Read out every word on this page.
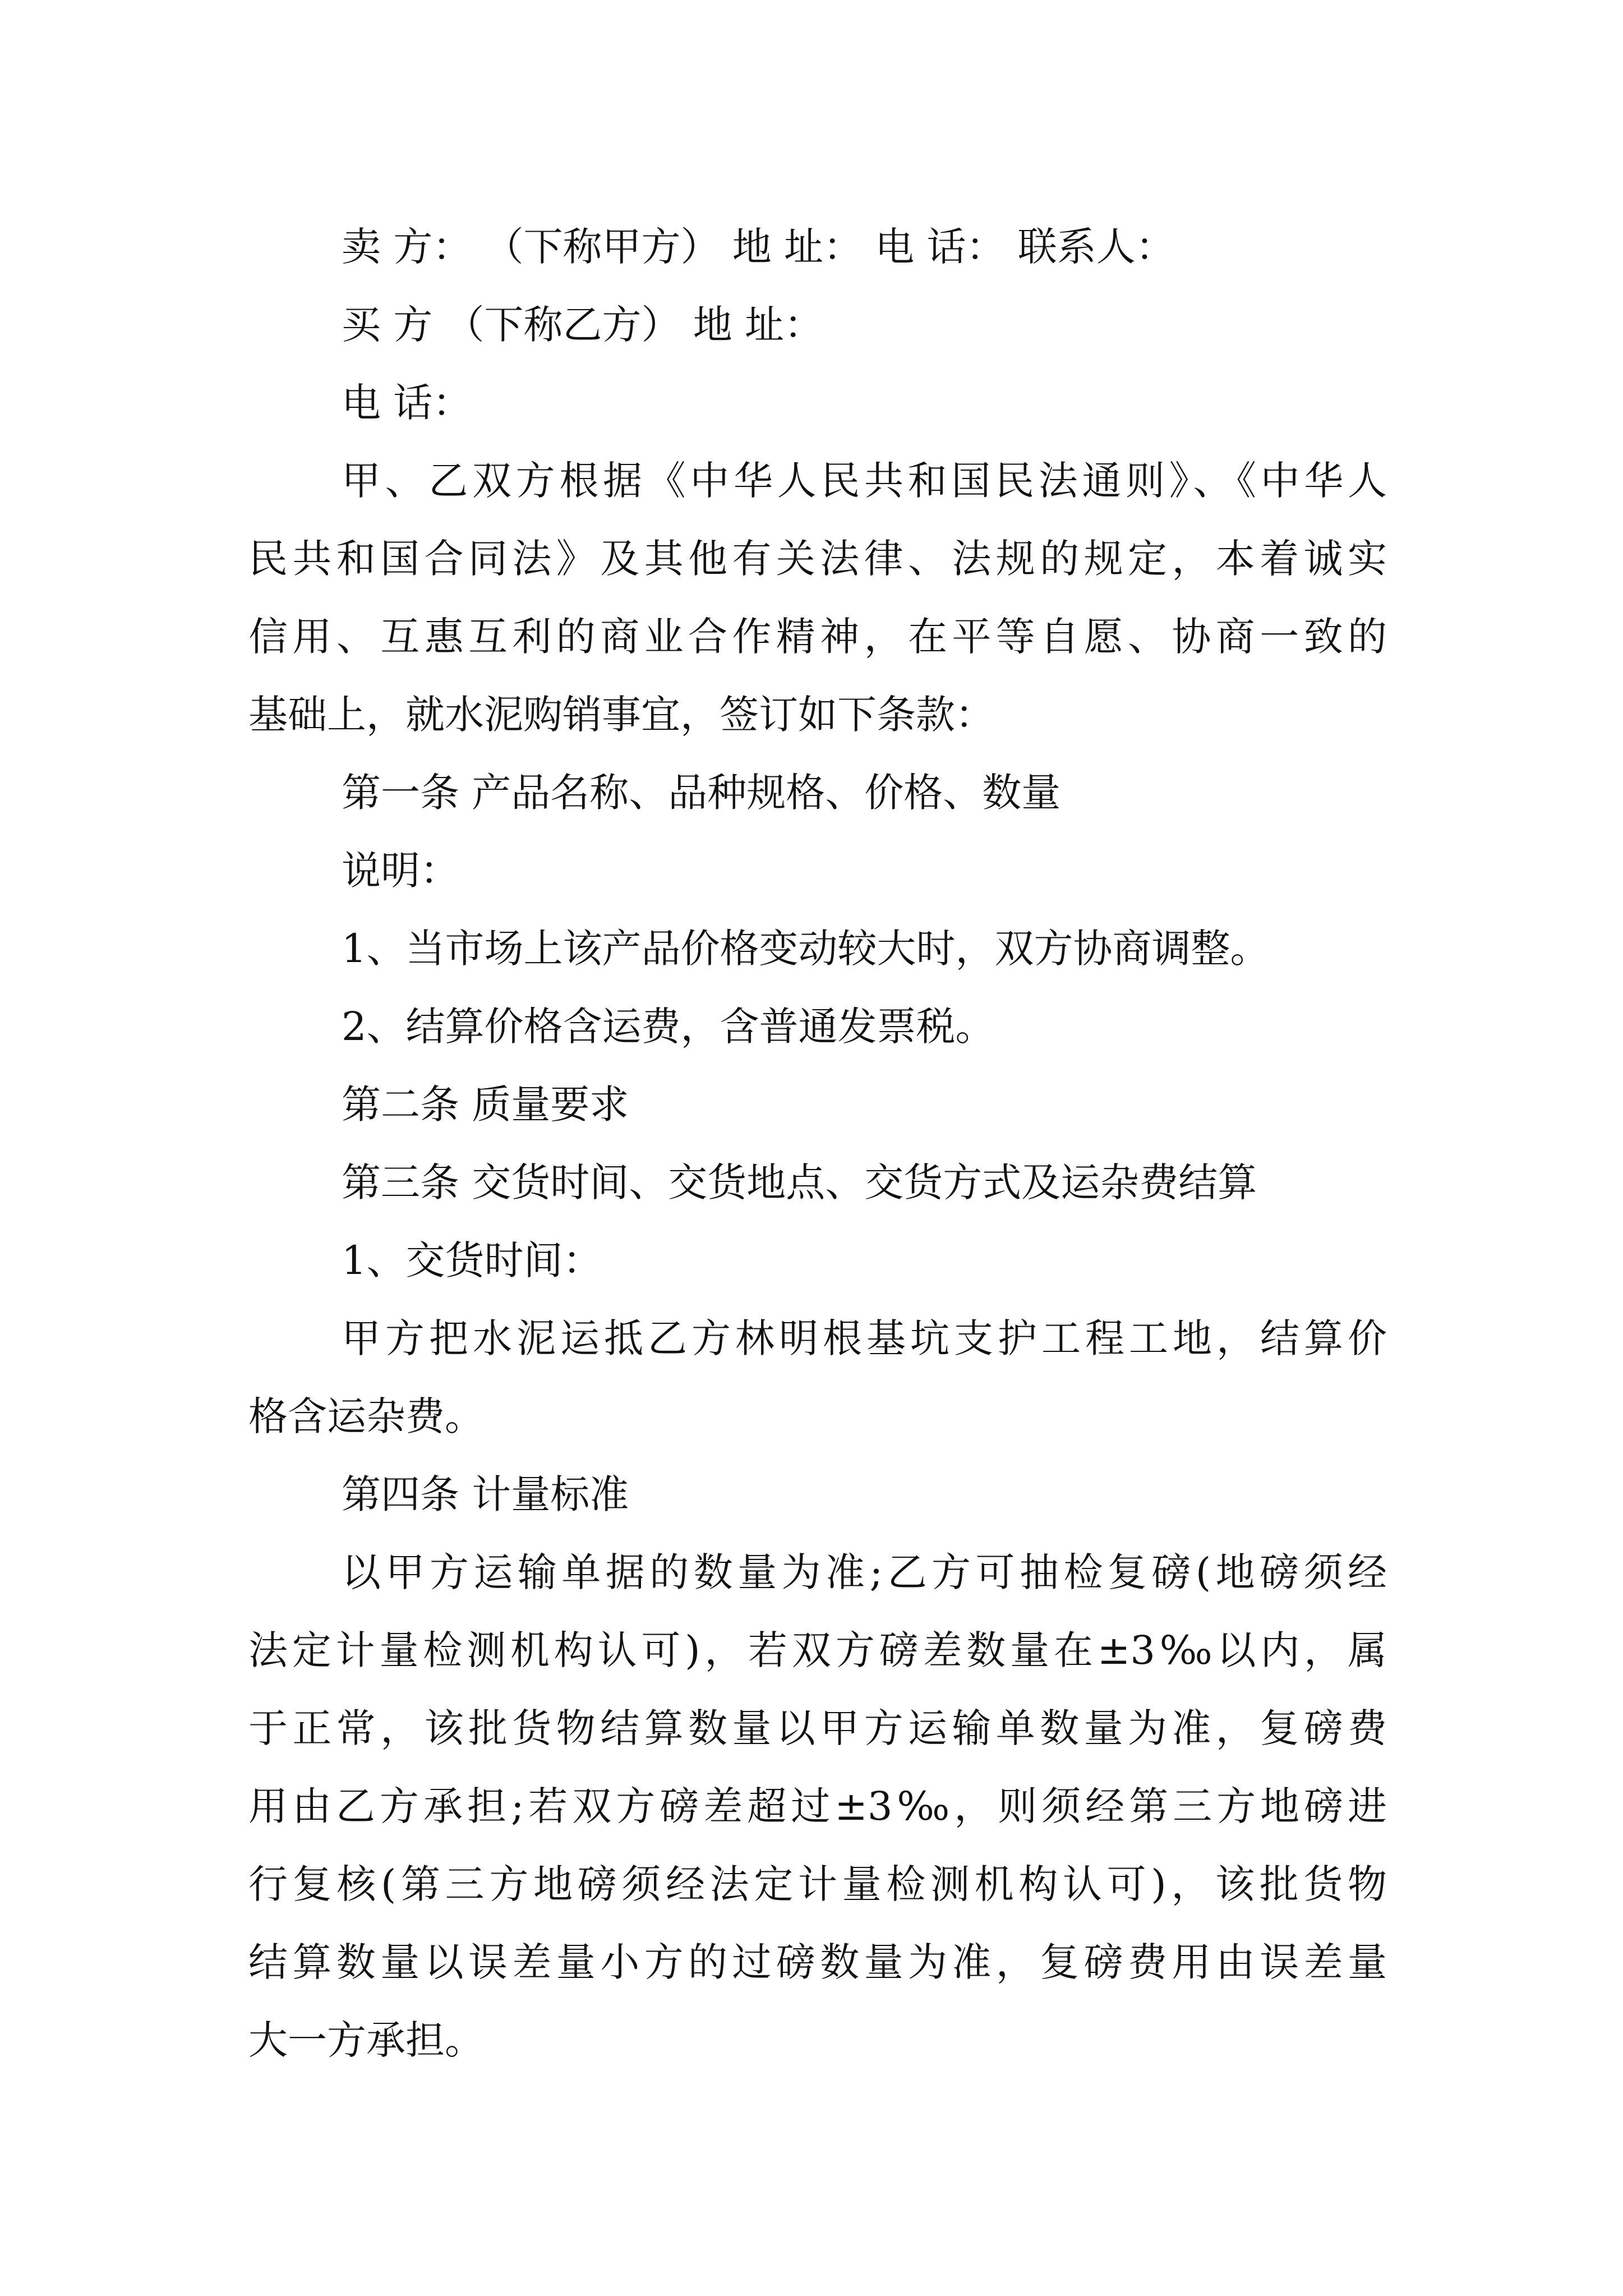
卖 方： （下称甲方） 地 址： 电 话： 联系人：
买 方 （下称乙方） 地 址：
电 话：
甲、乙双方根据《中华人民共和国民法通则》、《中华人
民共和国合同法》及其他有关法律、法规的规定，本着诚实
信用、互惠互利的商业合作精神，在平等自愿、协商一致的
基础上，就水泥购销事宜，签订如下条款：
第一条 产品名称、品种规格、价格、数量
说明：
1、当市场上该产品价格变动较大时，双方协商调整。
2、结算价格含运费，含普通发票税。
第二条 质量要求
第三条 交货时间、交货地点、交货方式及运杂费结算
1、交货时间：
甲方把水泥运抵乙方林明根基坑支护工程工地，结算价
格含运杂费。
第四条 计量标准
以甲方运输单据的数量为准;乙方可抽检复磅(地磅须经
法定计量检测机构认可)，若双方磅差数量在±3‰以内，属
于正常，该批货物结算数量以甲方运输单数量为准，复磅费
用由乙方承担;若双方磅差超过±3‰，则须经第三方地磅进
行复核(第三方地磅须经法定计量检测机构认可)，该批货物
结算数量以误差量小方的过磅数量为准，复磅费用由误差量
大一方承担。
